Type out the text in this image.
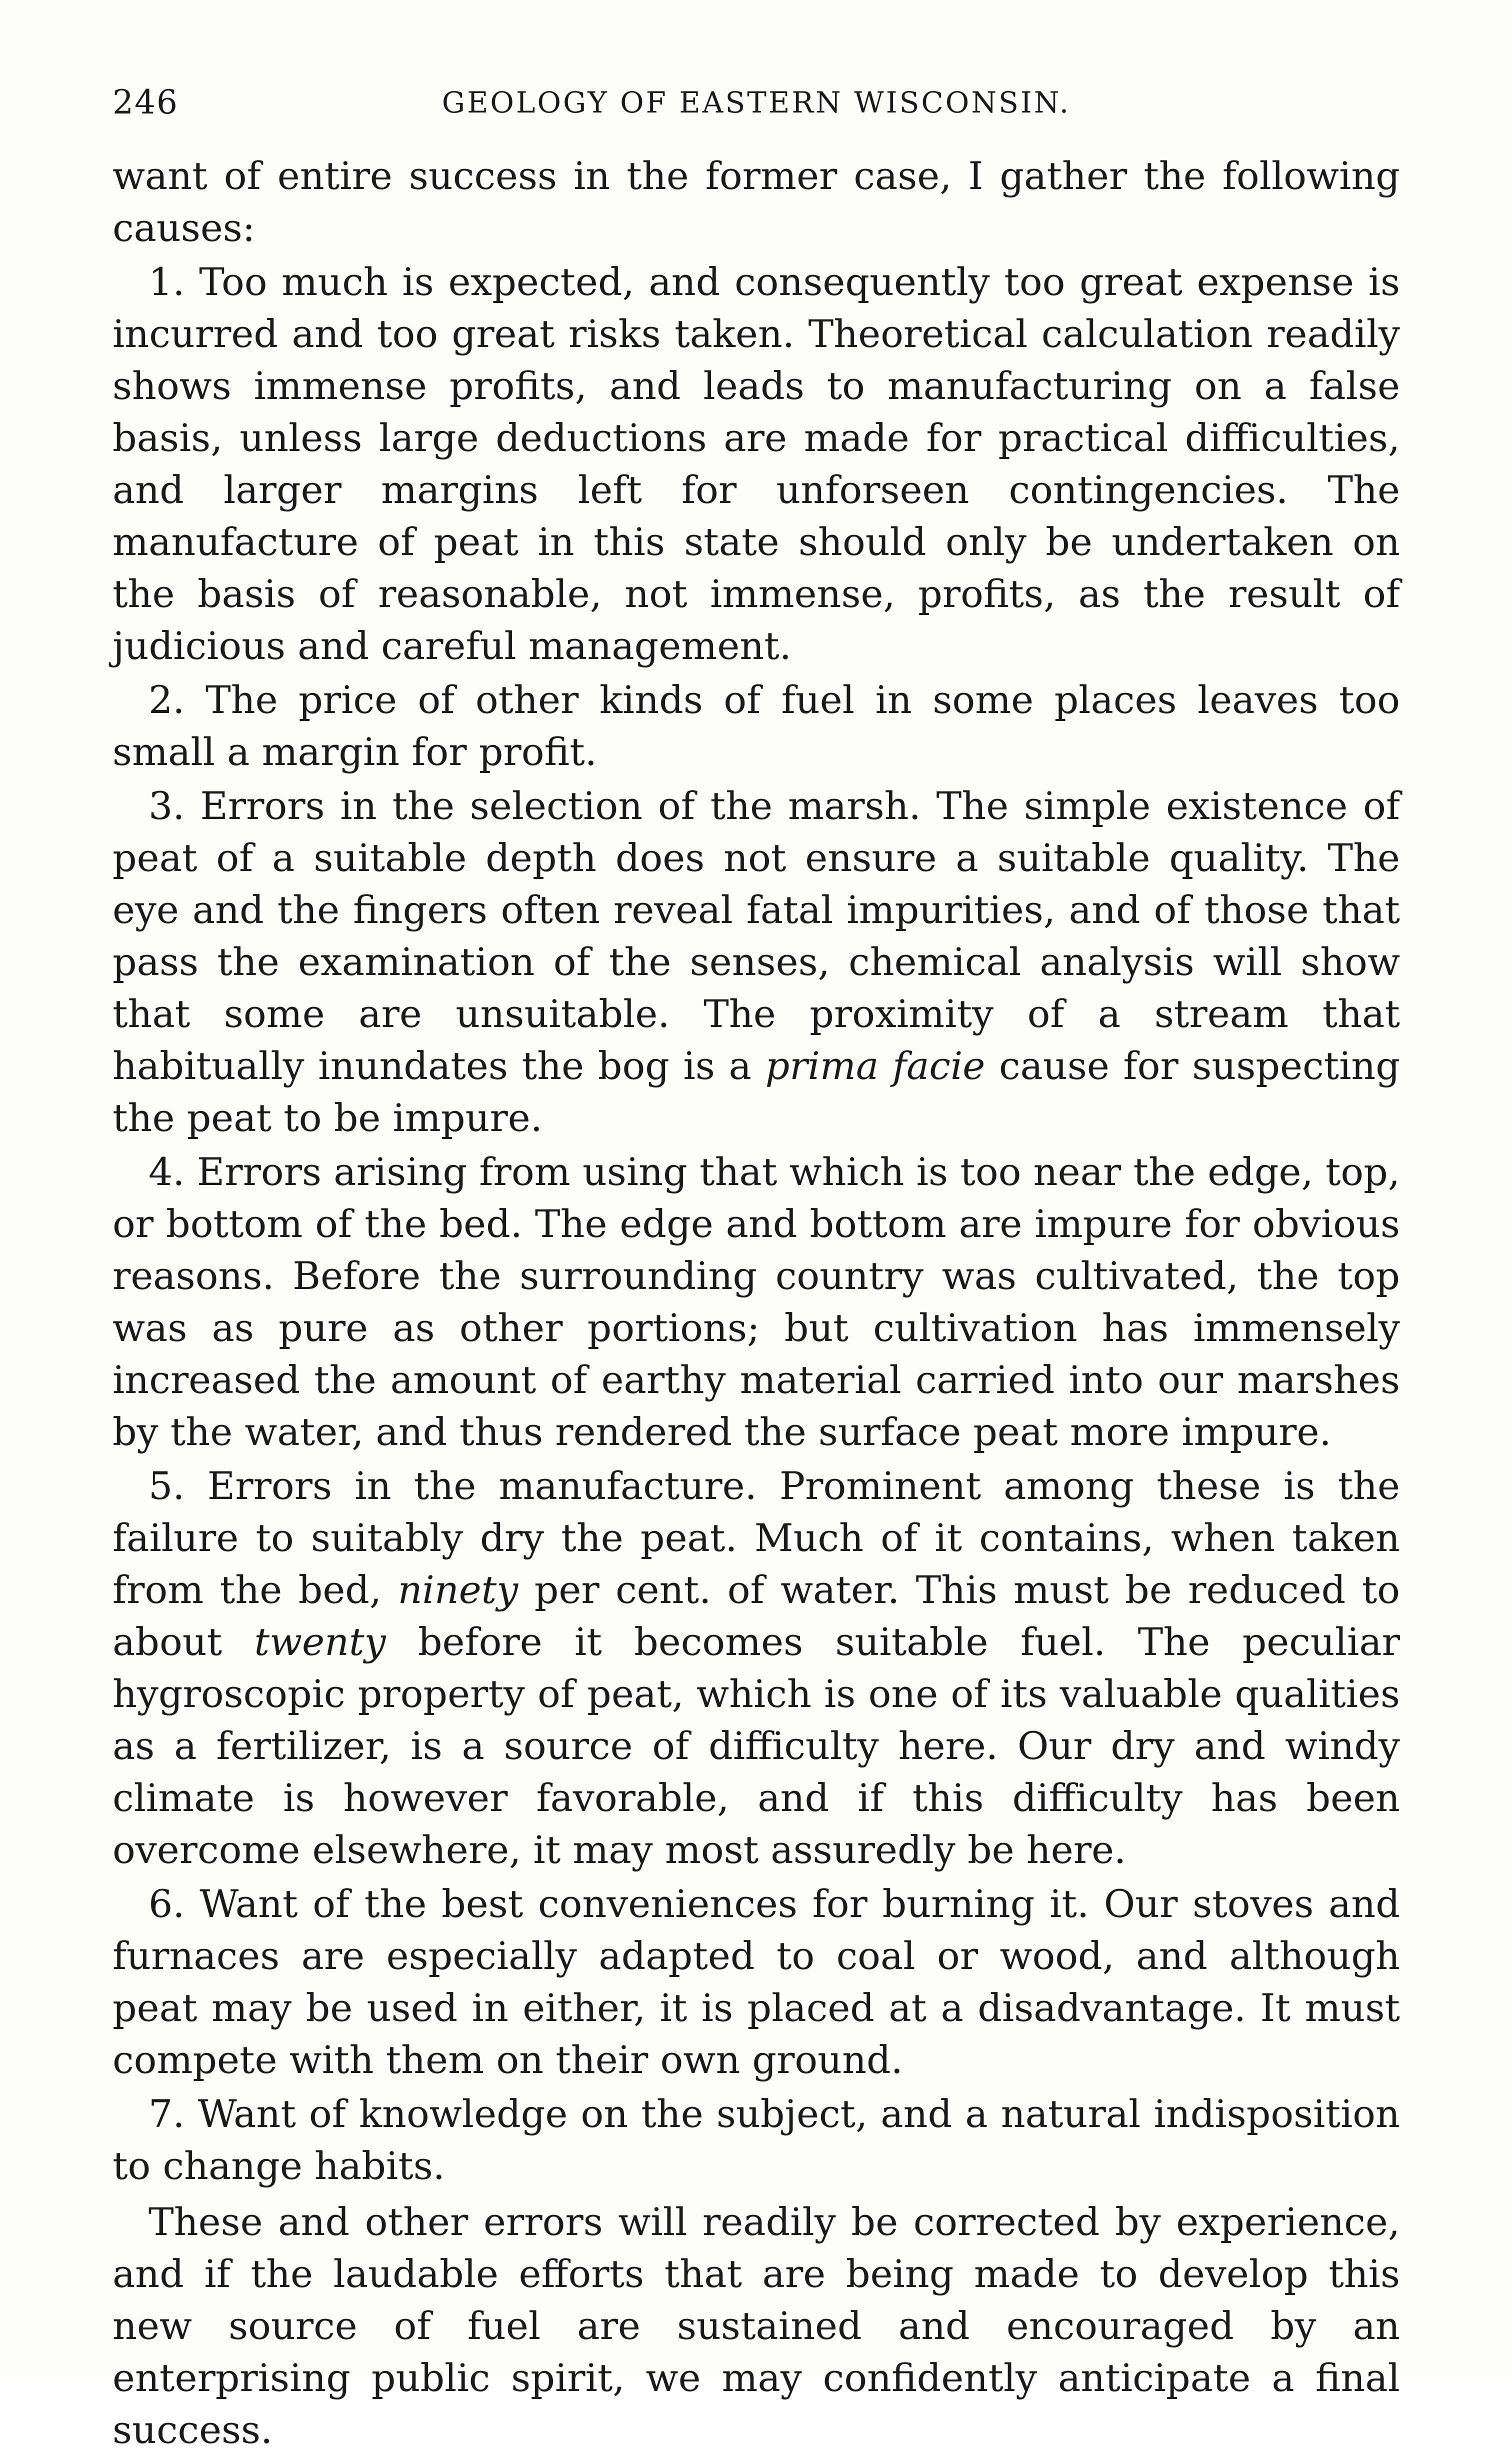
246	GEOLOGY OF EASTERN WISCONSIN.

want of entire success in the former case, I gather the following causes:

1. Too much is expected, and consequently too great expense is incurred and too great risks taken. Theoretical calculation readily shows immense profits, and leads to manufacturing on a false basis, unless large deductions are made for practical difficulties, and larger margins left for unforseen contingencies. The manufacture of peat in this state should only be undertaken on the basis of reasonable, not immense, profits, as the result of judicious and careful management.

2. The price of other kinds of fuel in some places leaves too small a margin for profit.

3. Errors in the selection of the marsh. The simple existence of peat of a suitable depth does not ensure a suitable quality. The eye and the fingers often reveal fatal impurities, and of those that pass the examination of the senses, chemical analysis will show that some are unsuitable. The proximity of a stream that habitually inundates the bog is a prima facie cause for suspecting the peat to be impure.

4. Errors arising from using that which is too near the edge, top, or bottom of the bed. The edge and bottom are impure for obvious reasons. Before the surrounding country was cultivated, the top was as pure as other portions; but cultivation has immensely increased the amount of earthy material carried into our marshes by the water, and thus rendered the surface peat more impure.

5. Errors in the manufacture. Prominent among these is the failure to suitably dry the peat. Much of it contains, when taken from the bed, ninety per cent. of water. This must be reduced to about twenty before it becomes suitable fuel. The peculiar hygroscopic property of peat, which is one of its valuable qualities as a fertilizer, is a source of difficulty here. Our dry and windy climate is however favorable, and if this difficulty has been overcome elsewhere, it may most assuredly be here.

6. Want of the best conveniences for burning it. Our stoves and furnaces are especially adapted to coal or wood, and although peat may be used in either, it is placed at a disadvantage. It must compete with them on their own ground.

7. Want of knowledge on the subject, and a natural indisposition to change habits.

These and other errors will readily be corrected by experience, and if the laudable efforts that are being made to develop this new source of fuel are sustained and encouraged by an enterprising public spirit, we may confidently anticipate a final success.
